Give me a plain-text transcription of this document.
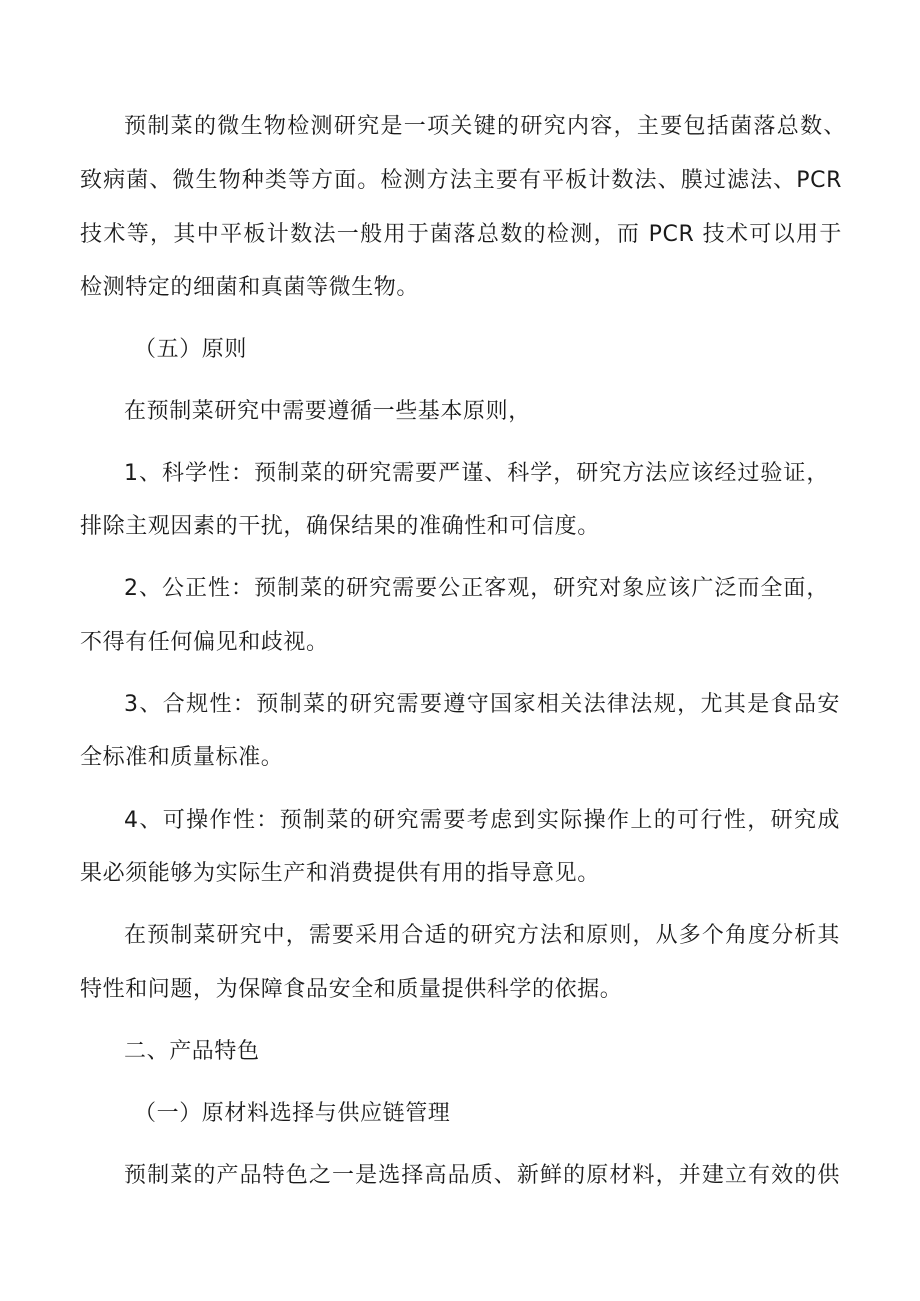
预制菜的微生物检测研究是一项关键的研究内容，主要包括菌落总数、
致病菌、微生物种类等方面。检测方法主要有平板计数法、膜过滤法、PCR
技术等，其中平板计数法一般用于菌落总数的检测，而 PCR 技术可以用于
检测特定的细菌和真菌等微生物。
（五）原则
在预制菜研究中需要遵循一些基本原则，
1、科学性：预制菜的研究需要严谨、科学，研究方法应该经过验证，
排除主观因素的干扰，确保结果的准确性和可信度。
2、公正性：预制菜的研究需要公正客观，研究对象应该广泛而全面，
不得有任何偏见和歧视。
3、合规性：预制菜的研究需要遵守国家相关法律法规，尤其是食品安
全标准和质量标准。
4、可操作性：预制菜的研究需要考虑到实际操作上的可行性，研究成
果必须能够为实际生产和消费提供有用的指导意见。
在预制菜研究中，需要采用合适的研究方法和原则，从多个角度分析其
特性和问题，为保障食品安全和质量提供科学的依据。
二、产品特色
（一）原材料选择与供应链管理
预制菜的产品特色之一是选择高品质、新鲜的原材料，并建立有效的供
